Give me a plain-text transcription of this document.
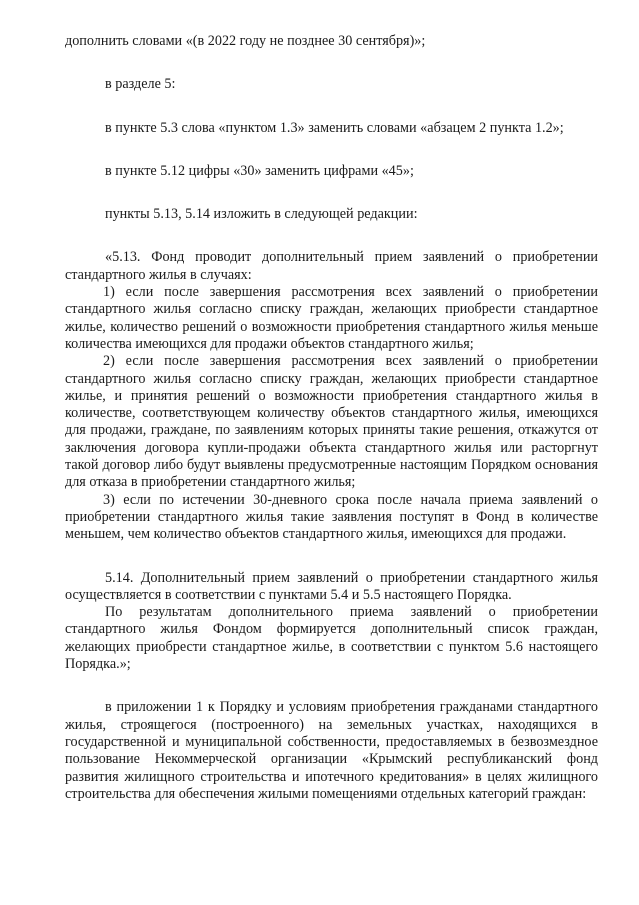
дополнить словами «(в 2022 году не позднее 30 сентября)»;

в разделе 5:

в пункте 5.3 слова «пунктом 1.3» заменить словами «абзацем 2 пункта 1.2»;

в пункте 5.12 цифры «30» заменить цифрами «45»;

пункты 5.13, 5.14 изложить в следующей редакции:

«5.13. Фонд проводит дополнительный прием заявлений о приобретении стандартного жилья в случаях:

1) если после завершения рассмотрения всех заявлений о приобретении стандартного жилья согласно списку граждан, желающих приобрести стандартное жилье, количество решений о возможности приобретения стандартного жилья меньше количества имеющихся для продажи объектов стандартного жилья;

2) если после завершения рассмотрения всех заявлений о приобретении стандартного жилья согласно списку граждан, желающих приобрести стандартное жилье, и принятия решений о возможности приобретения стандартного жилья в количестве, соответствующем количеству объектов стандартного жилья, имеющихся для продажи, граждане, по заявлениям которых приняты такие решения, откажутся от заключения договора купли-продажи объекта стандартного жилья или расторгнут такой договор либо будут выявлены предусмотренные настоящим Порядком основания для отказа в приобретении стандартного жилья;

3) если по истечении 30-дневного срока после начала приема заявлений о приобретении стандартного жилья такие заявления поступят в Фонд в количестве меньшем, чем количество объектов стандартного жилья, имеющихся для продажи.

5.14. Дополнительный прием заявлений о приобретении стандартного жилья осуществляется в соответствии с пунктами 5.4 и 5.5 настоящего Порядка.

По результатам дополнительного приема заявлений о приобретении стандартного жилья Фондом формируется дополнительный список граждан, желающих приобрести стандартное жилье, в соответствии с пунктом 5.6 настоящего Порядка.»;

в приложении 1 к Порядку и условиям приобретения гражданами стандартного жилья, строящегося (построенного) на земельных участках, находящихся в государственной и муниципальной собственности, предоставляемых в безвозмездное пользование Некоммерческой организации «Крымский республиканский фонд развития жилищного строительства и ипотечного кредитования» в целях жилищного строительства для обеспечения жилыми помещениями отдельных категорий граждан:
